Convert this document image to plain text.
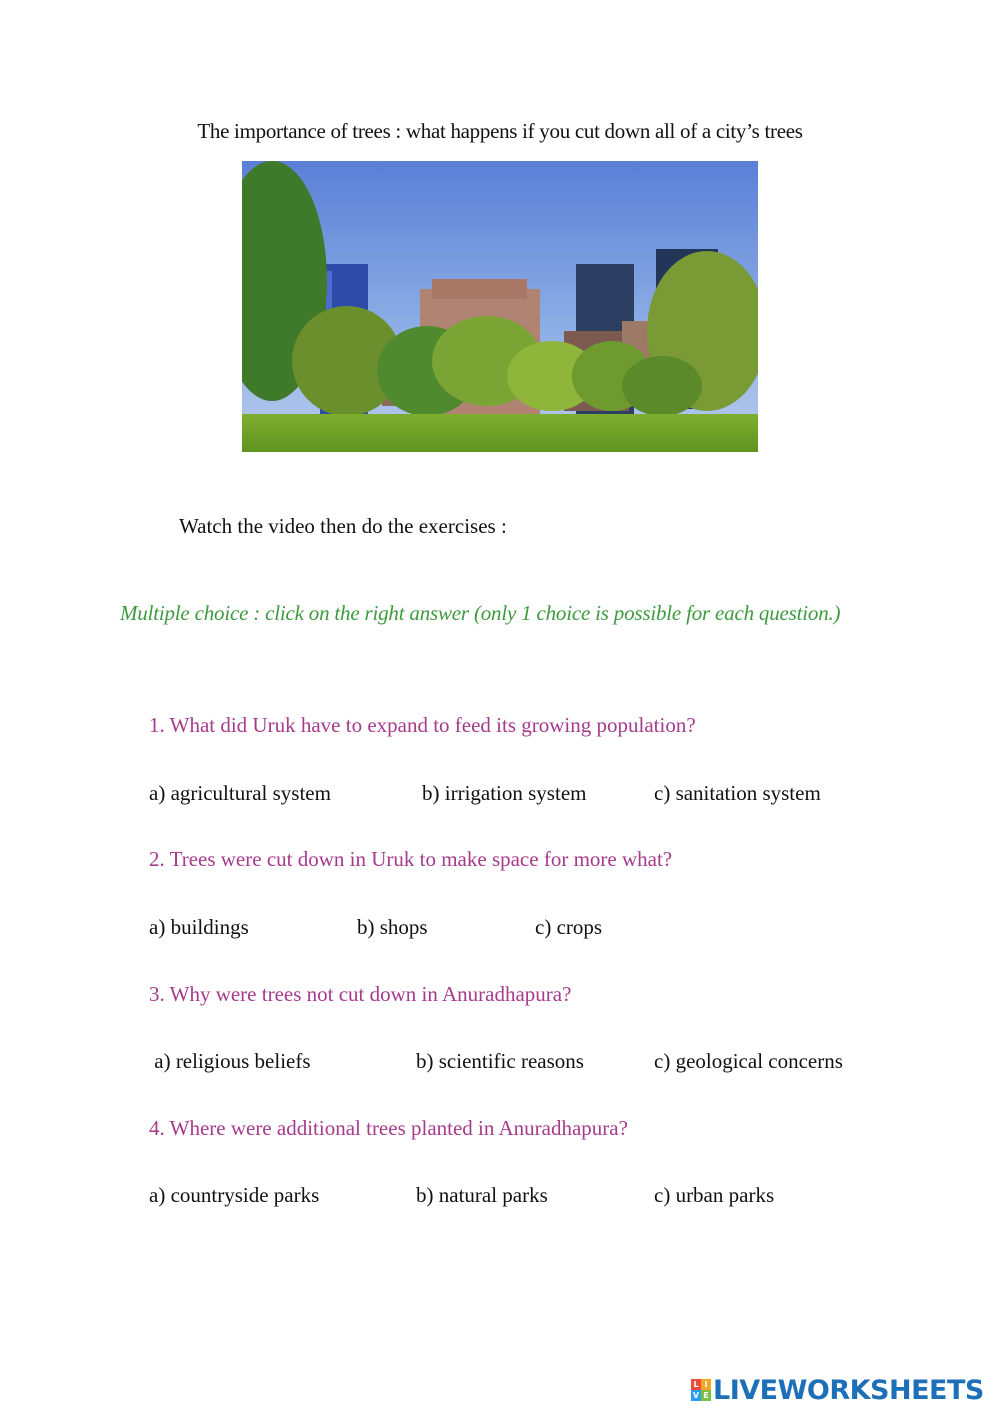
The importance of trees : what happens if you cut down all of a city’s trees
Watch the video then do the exercises :
Multiple choice : click on the right answer (only 1 choice is possible for each question.)
1. What did Uruk have to expand to feed its growing population?
a) agricultural system	b) irrigation system	c) sanitation system
2. Trees were cut down in Uruk to make space for more what?
a) buildings	b) shops	c) crops
3. Why were trees not cut down in Anuradhapura?
a) religious beliefs	b) scientific reasons	c) geological concerns
4. Where were additional trees planted in Anuradhapura?
a) countryside parks	b) natural parks	c) urban parks
L I
V E LIVEWORKSHEETS
